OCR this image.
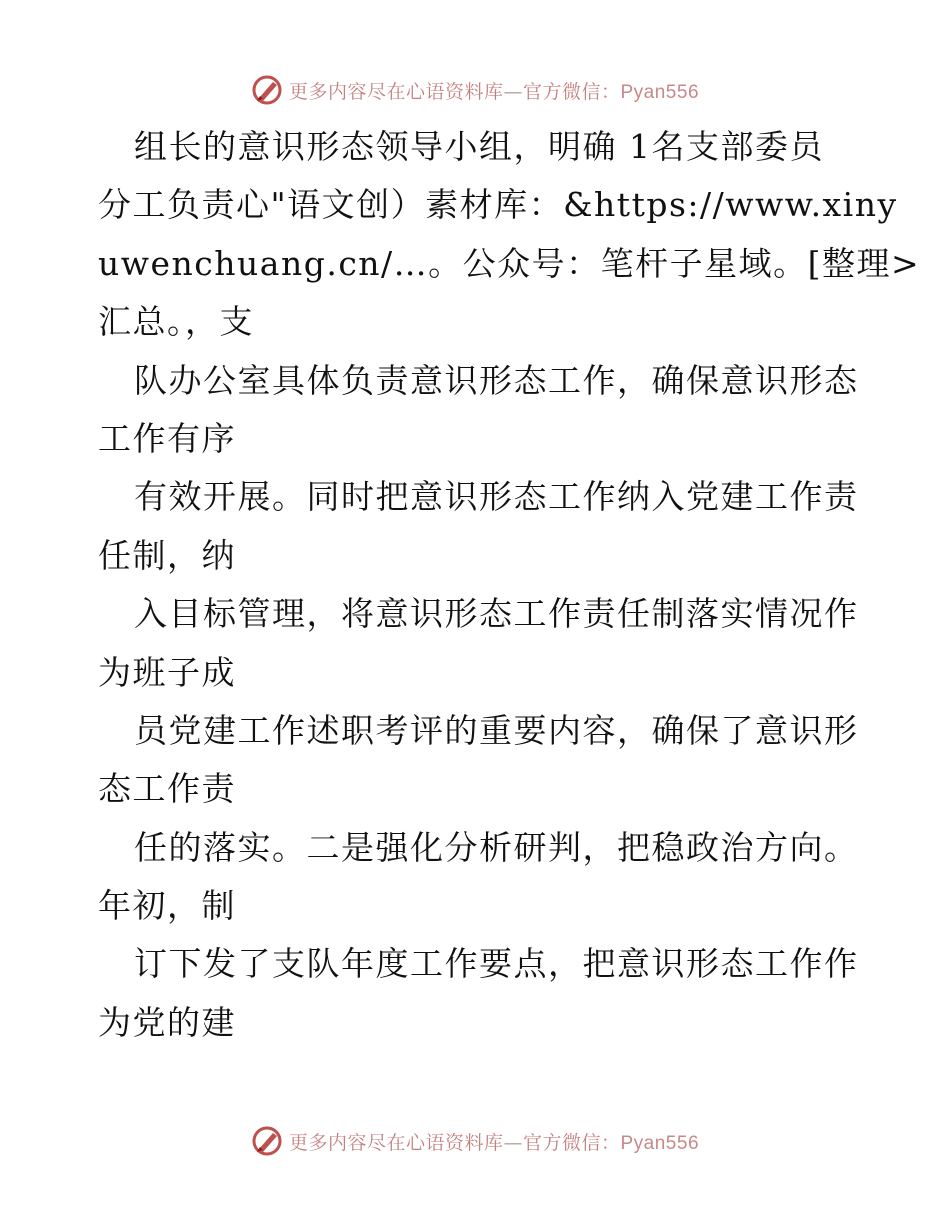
更多内容尽在心语资料库—官方微信：Pyan556
组长的意识形态领导小组，明确 1名支部委员
分工负责心"语文创）素材库：&https://www.xiny
uwenchuang.cn/…。公众号：笔杆子星域。[整理>
汇总。，支
队办公室具体负责意识形态工作，确保意识形态
工作有序
有效开展。同时把意识形态工作纳入党建工作责
任制，纳
入目标管理，将意识形态工作责任制落实情况作
为班子成
员党建工作述职考评的重要内容，确保了意识形
态工作责
任的落实。二是强化分析研判，把稳政治方向。
年初，制
订下发了支队年度工作要点，把意识形态工作作
为党的建
更多内容尽在心语资料库—官方微信：Pyan556
